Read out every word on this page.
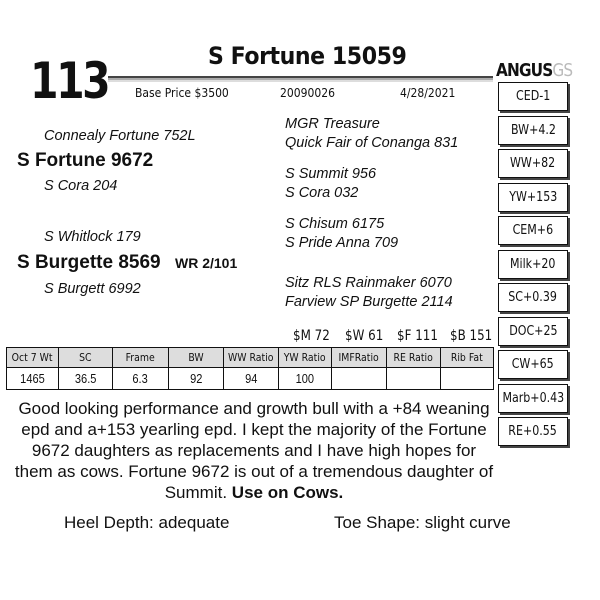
113	S Fortune 15059
Base Price $3500	20090026	4/28/2021
ANGUSGS
Connealy Fortune 752L
S Fortune 9672
S Cora 204
S Whitlock 179
S Burgette 8569 WR 2/101
S Burgett 6992
MGR Treasure
Quick Fair of Conanga 831
S Summit 956
S Cora 032
S Chisum 6175
S Pride Anna 709
Sitz RLS Rainmaker 6070
Farview SP Burgette 2114
$M 72 $W 61 $F 111 $B 151
CED-1
BW+4.2
WW+82
YW+153
CEM+6
Milk+20
SC+0.39
DOC+25
CW+65
Marb+0.43
RE+0.55
Oct 7 Wt	SC	Frame	BW	WW Ratio	YW Ratio	IMFRatio	RE Ratio	Rib Fat
1465	36.5	6.3	92	94	100			
Good looking performance and growth bull with a +84 weaning epd and a+153 yearling epd. I kept the majority of the Fortune 9672 daughters as replacements and I have high hopes for them as cows. Fortune 9672 is out of a tremendous daughter of Summit. Use on Cows.
Heel Depth: adequate	Toe Shape: slight curve
